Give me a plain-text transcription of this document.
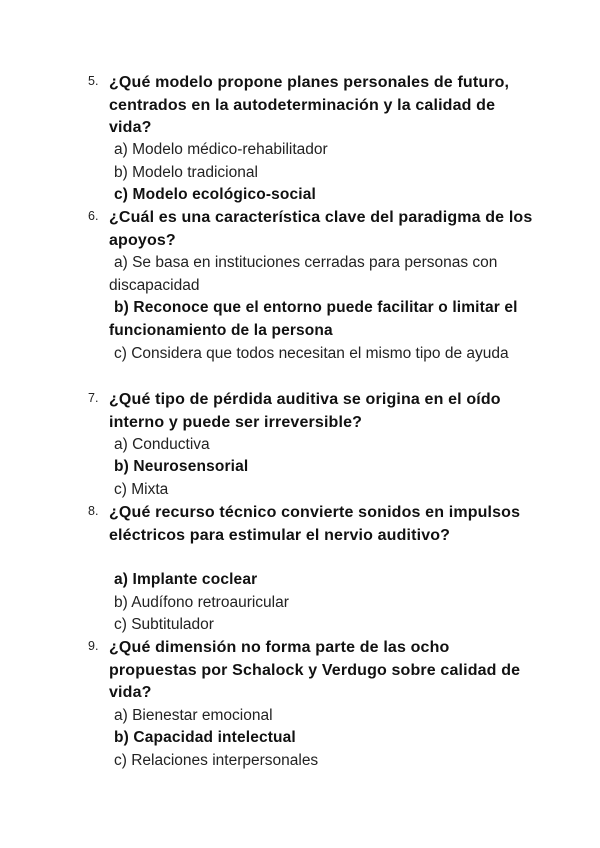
5. ¿Qué modelo propone planes personales de futuro, centrados en la autodeterminación y la calidad de vida?
a) Modelo médico-rehabilitador
b) Modelo tradicional
c) Modelo ecológico-social
6. ¿Cuál es una característica clave del paradigma de los apoyos?
a) Se basa en instituciones cerradas para personas con discapacidad
b) Reconoce que el entorno puede facilitar o limitar el funcionamiento de la persona
c) Considera que todos necesitan el mismo tipo de ayuda
7. ¿Qué tipo de pérdida auditiva se origina en el oído interno y puede ser irreversible?
a) Conductiva
b) Neurosensorial
c) Mixta
8. ¿Qué recurso técnico convierte sonidos en impulsos eléctricos para estimular el nervio auditivo?
a) Implante coclear
b) Audífono retroauricular
c) Subtitulador
9. ¿Qué dimensión no forma parte de las ocho propuestas por Schalock y Verdugo sobre calidad de vida?
a) Bienestar emocional
b) Capacidad intelectual
c) Relaciones interpersonales
